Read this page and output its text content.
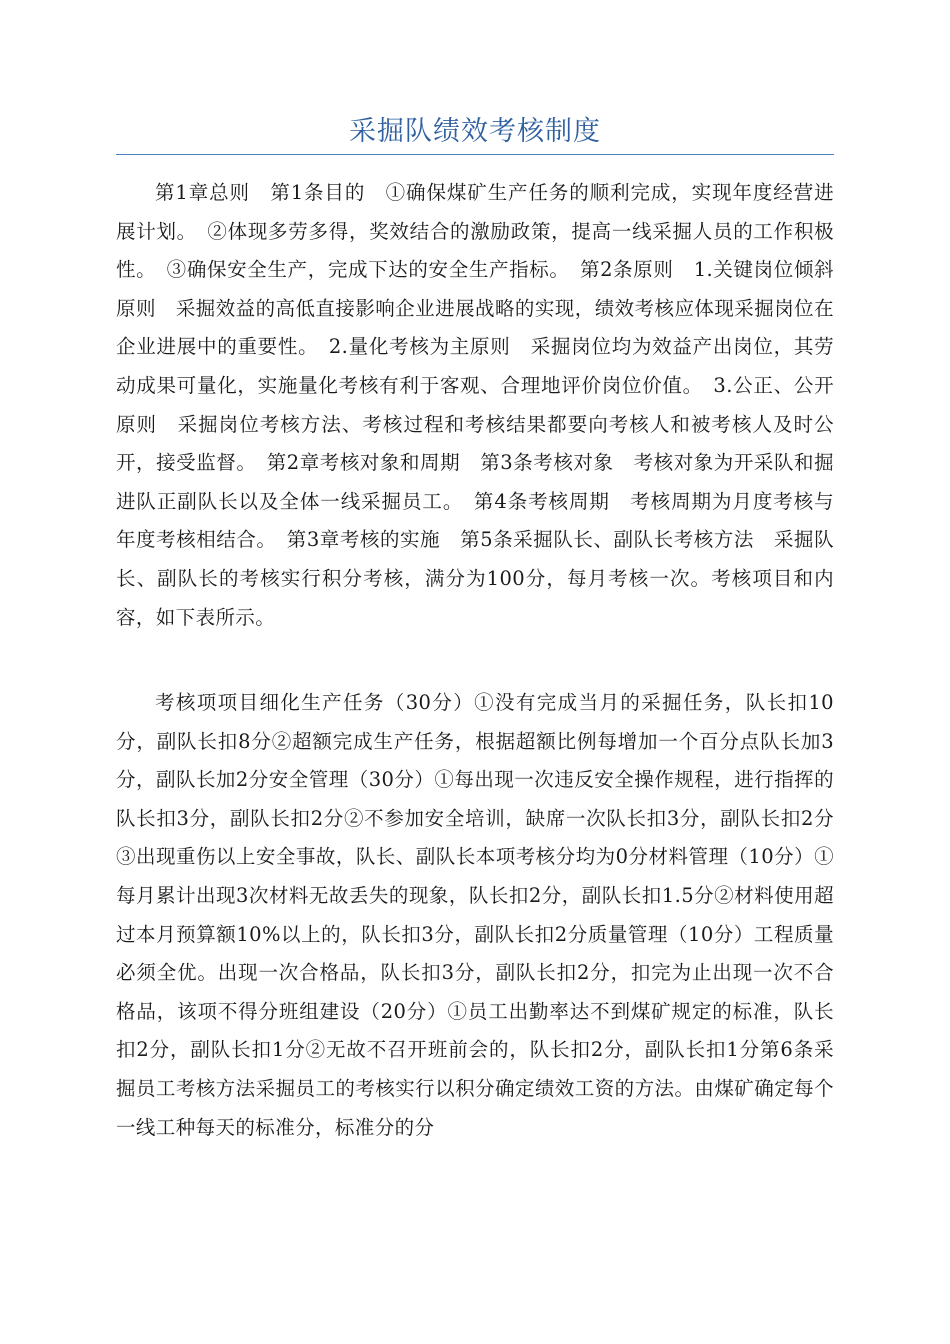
采掘队绩效考核制度

第1章总则　第1条目的　①确保煤矿生产任务的顺利完成，实现年度经营进展计划。　②体现多劳多得，奖效结合的激励政策，提高一线采掘人员的工作积极性。　③确保安全生产，完成下达的安全生产指标。　第2条原则　1.关键岗位倾斜原则　采掘效益的高低直接影响企业进展战略的实现，绩效考核应体现采掘岗位在企业进展中的重要性。　2.量化考核为主原则　采掘岗位均为效益产出岗位，其劳动成果可量化，实施量化考核有利于客观、合理地评价岗位价值。　3.公正、公开原则　采掘岗位考核方法、考核过程和考核结果都要向考核人和被考核人及时公开，接受监督。　第2章考核对象和周期　第3条考核对象　考核对象为开采队和掘进队正副队长以及全体一线采掘员工。　第4条考核周期　考核周期为月度考核与年度考核相结合。　第3章考核的实施　第5条采掘队长、副队长考核方法　采掘队长、副队长的考核实行积分考核，满分为100分，每月考核一次。考核项目和内容，如下表所示。

考核项项目细化生产任务（30分）①没有完成当月的采掘任务，队长扣10分，副队长扣8分②超额完成生产任务，根据超额比例每增加一个百分点队长加3分，副队长加2分安全管理（30分）①每出现一次违反安全操作规程，进行指挥的队长扣3分，副队长扣2分②不参加安全培训，缺席一次队长扣3分，副队长扣2分③出现重伤以上安全事故，队长、副队长本项考核分均为0分材料管理（10分）①每月累计出现3次材料无故丢失的现象，队长扣2分，副队长扣1.5分②材料使用超过本月预算额10%以上的，队长扣3分，副队长扣2分质量管理（10分）工程质量必须全优。出现一次合格品，队长扣3分，副队长扣2分，扣完为止出现一次不合格品，该项不得分班组建设（20分）①员工出勤率达不到煤矿规定的标准，队长扣2分，副队长扣1分②无故不召开班前会的，队长扣2分，副队长扣1分第6条采掘员工考核方法采掘员工的考核实行以积分确定绩效工资的方法。由煤矿确定每个一线工种每天的标准分，标准分的分
